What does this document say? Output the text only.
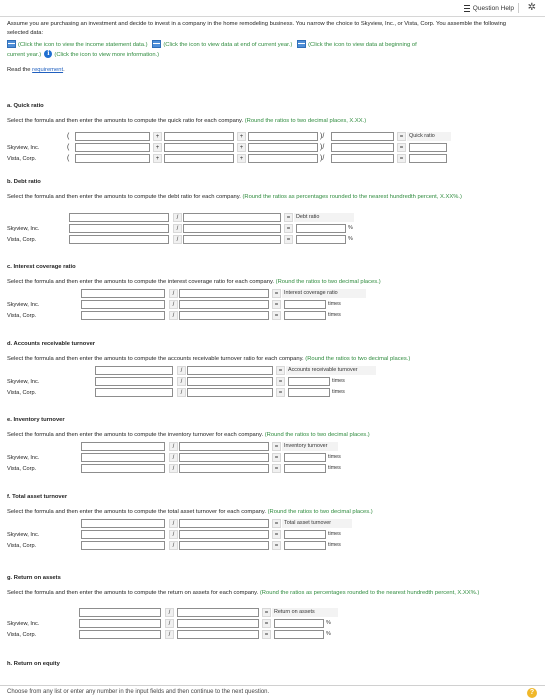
Question Help ✲

Assume you are purchasing an investment and decide to invest in a company in the home remodeling business. You narrow the choice to Skyview, Inc., or Vista, Corp. You assemble the following selected data:

(Click the icon to view the income statement data.)	(Click the icon to view data at end of current year.)	(Click the icon to view data at beginning of
current year.) i (Click the icon to view more information.)

Read the requirement.

a. Quick ratio

Select the formula and then enter the amounts to compute the quick ratio for each company. (Round the ratios to two decimal places, X.XX.)

(	+	+	)/	=	Quick ratio
Skyview, Inc.	(	+	+	)/	=
Vista, Corp.	(	+	+	)/	=

b. Debt ratio

Select the formula and then enter the amounts to compute the debt ratio for each company. (Round the ratios as percentages rounded to the nearest hundredth percent, X.XX%.)

/	=	Debt ratio
Skyview, Inc.	/	=	%
Vista, Corp.	/	=	%

c. Interest coverage ratio

Select the formula and then enter the amounts to compute the interest coverage ratio for each company. (Round the ratios to two decimal places.)

/	=	Interest coverage ratio
Skyview, Inc.	/	=	times
Vista, Corp.	/	=	times

d. Accounts receivable turnover

Select the formula and then enter the amounts to compute the accounts receivable turnover ratio for each company. (Round the ratios to two decimal places.)

/	=	Accounts receivable turnover
Skyview, Inc.	/	=	times
Vista, Corp.	/	=	times

e. Inventory turnover

Select the formula and then enter the amounts to compute the inventory turnover for each company. (Round the ratios to two decimal places.)

/	=	Inventory turnover
Skyview, Inc.	/	=	times
Vista, Corp.	/	=	times

f. Total asset turnover

Select the formula and then enter the amounts to compute the total asset turnover for each company. (Round the ratios to two decimal places.)

/	=	Total asset turnover
Skyview, Inc.	/	=	times
Vista, Corp.	/	=	times

g. Return on assets

Select the formula and then enter the amounts to compute the return on assets for each company. (Round the ratios as percentages rounded to the nearest hundredth percent, X.XX%.)

/	=	Return on assets
Skyview, Inc.	/	=	%
Vista, Corp.	/	=	%

h. Return on equity

Choose from any list or enter any number in the input fields and then continue to the next question.	?
